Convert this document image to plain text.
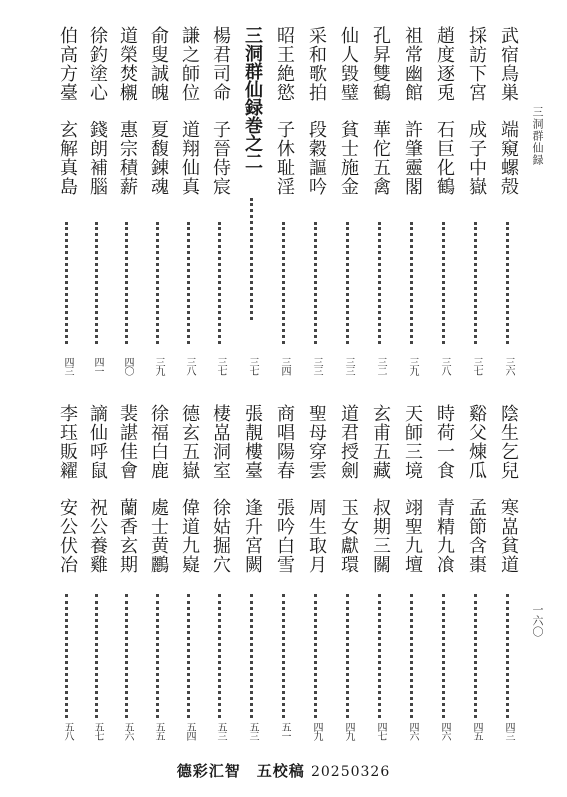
三洞群仙録
一六〇
武宿鳥巣
端窺螺殻
三六
採訪下宮
成子中嶽
三七
趙度逐兎
石巨化鶴
三八
祖常幽館
許肇靈閣
三九
孔昇雙鶴
華佗五禽
三二
仙人毀璧
貧士施金
三三
采和歌拍
段穀謳吟
三三
昭王絶慾
子休耻淫
三四
三洞群仙録巻之二
三七
楊君司命
子晉侍宸
三七
謙之師位
道翔仙真
三八
俞叟誠魄
夏馥錬魂
三九
道榮焚櫬
惠宗積薪
四〇
徐釣塗心
錢朗補腦
四一
伯高方臺
玄解真島
四三
陰生乞兒
寒嵓貧道
四三
谿父煉瓜
孟節含棗
四五
時荷一食
青精九飡
四六
天師三境
翊聖九壇
四六
玄甫五藏
叔期三關
四七
道君授劍
玉女獻環
四九
聖母穿雲
周生取月
四九
商唱陽春
張吟白雪
五一
張靚樓臺
逢升宮闕
五三
棲嵓洞室
徐姑掘穴
五三
德玄五嶽
偉道九嶷
五四
徐福白鹿
處士黄鸝
五五
裴諶佳會
蘭香玄期
五六
謫仙呼鼠
祝公養雞
五七
李珏販糴
安公伏冶
五八
德彩汇智　五校稿 20250326
